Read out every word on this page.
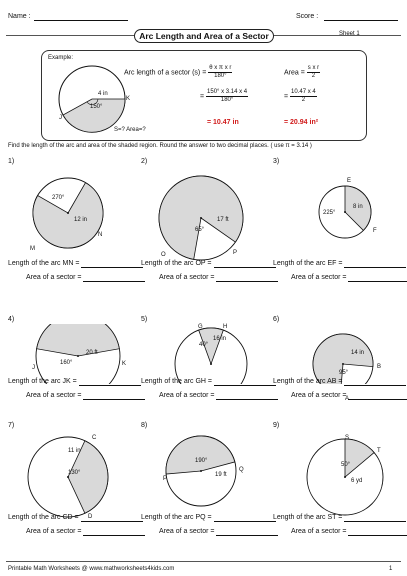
Name :	Score :
Arc Length and Area of a Sector	Sheet 1
Example:
4 in
150°
J
K
S=? Area=?
Arc length of a sector $(s) = \frac{\text{θ x π x r}}{180^\circ}$
= $\frac{150^\circ x 3.14 x 4}{180^\circ}$
= 10.47 in
Area = $\frac{\text{s x r}}{2}$
= $\frac{10.47 x 4}{2}$
= 20.94 in²
Find the length of the arc and area of the shaded region. Round the answer to two decimal places. ( use π = 3.14 )
1)
270°
12 in
M
N
Length of the arc MN =
Area of a sector =
2)
65°
17 ft
O	P
Length of the arc OP =
Area of a sector =
3)
225°
8 in
E
F
Length of the arc EF =
Area of a sector =
4)
160°
20 ft
J
K
Length of the arc JK =
Area of a sector =
5)
40°
16 in
G	H
Length of the arc GH =
Area of a sector =
6)
95°
14 in
A
B
Length of the arc AB =
Area of a sector =
7)
130°
11 in
C
D
Length of the arc CD =
Area of a sector =
8)
190°
19 ft
P
Q
Length of the arc PQ =
Area of a sector =
9)
50°
6 yd
S
T
Length of the arc ST =
Area of a sector =
Printable Math Worksheets @ www.mathworksheets4kids.com	1
